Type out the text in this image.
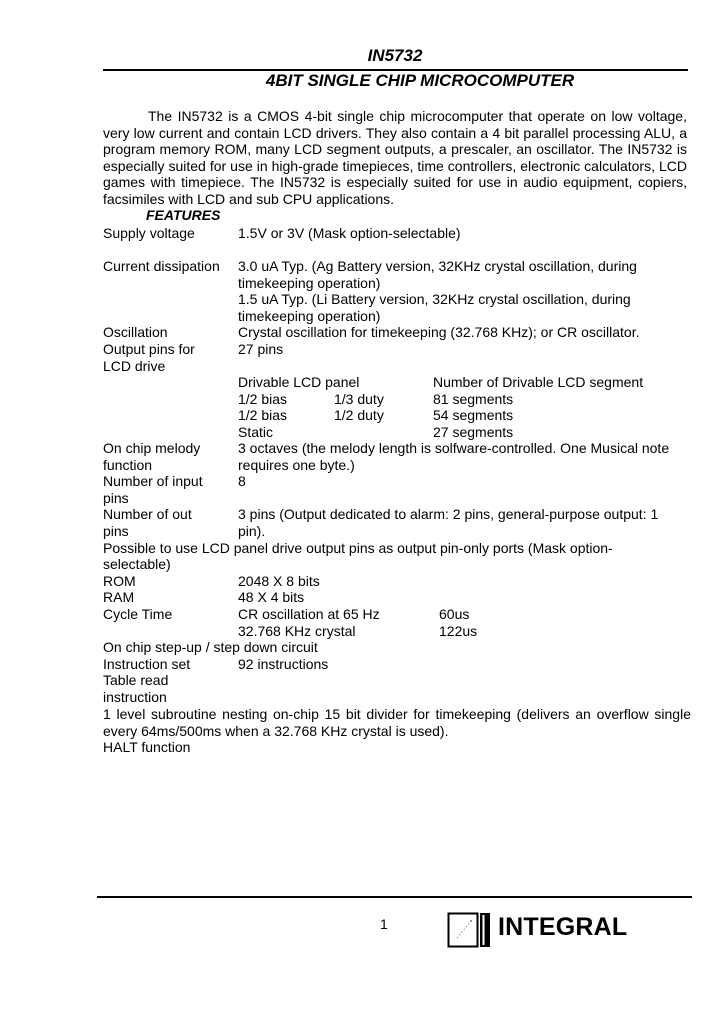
IN5732
4BIT SINGLE CHIP MICROCOMPUTER
The IN5732 is a CMOS 4-bit single chip microcomputer that operate on low voltage, very low current and contain LCD drivers. They also contain a 4 bit parallel processing ALU, a program memory ROM, many LCD segment outputs, a prescaler, an oscillator. The IN5732 is especially suited for use in high-grade timepieces, time controllers, electronic calculators, LCD games with timepiece. The IN5732 is especially suited for use in audio equipment, copiers, facsimiles with LCD and sub CPU applications.
FEATURES
Supply voltage	1.5V or 3V (Mask option-selectable)
Current dissipation 3.0 uA Typ. (Ag Battery version, 32KHz crystal oscillation, during
timekeeping operation)
1.5 uA Typ. (Li Battery version, 32KHz crystal oscillation, during
timekeeping operation)
Oscillation	Crystal oscillation for timekeeping (32.768 KHz); or CR oscillator.
Output pins for	27 pins
LCD drive
Drivable LCD panel	Number of Drivable LCD segment
1/2 bias	1/3 duty	81 segments
1/2 bias	1/2 duty	54 segments
Static	27 segments
On chip melody	3 octaves (the melody length is solfware-controlled. One Musical note
function	requires one byte.)
Number of input	8
pins
Number of out	3 pins (Output dedicated to alarm: 2 pins, general-purpose output: 1
pins	pin).
Possible to use LCD panel drive output pins as output pin-only ports (Mask option-
selectable)
ROM	2048 X 8 bits
RAM	48 X 4 bits
Cycle Time	CR oscillation at 65 Hz	60us
32.768 KHz crystal	122us
On chip step-up / step down circuit
Instruction set	92 instructions
Table read
instruction
1 level subroutine nesting on-chip 15 bit divider for timekeeping (delivers an overflow single every 64ms/500ms when a 32.768 KHz crystal is used).
HALT function
1	INTEGRAL
